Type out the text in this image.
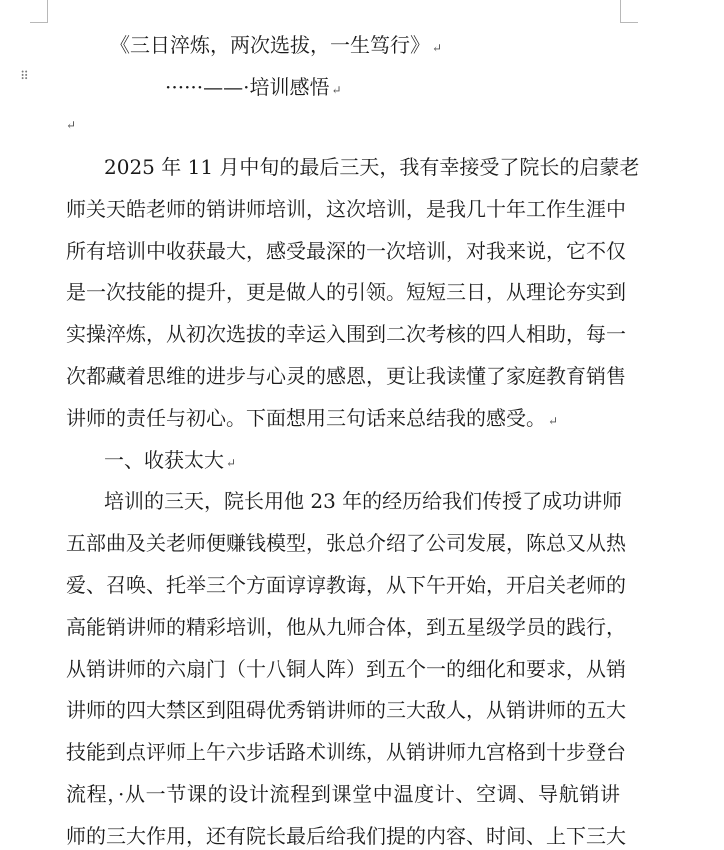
⠿
《三日淬炼，两次选拔，一生笃行》 ↵
······——·培训感悟 ↵
↵
2025 年 11 月中旬的最后三天，我有幸接受了院长的启蒙老
师关天皓老师的销讲师培训，这次培训，是我几十年工作生涯中
所有培训中收获最大，感受最深的一次培训，对我来说，它不仅
是一次技能的提升，更是做人的引领。短短三日，从理论夯实到
实操淬炼，从初次选拔的幸运入围到二次考核的四人相助，每一
次都藏着思维的进步与心灵的感恩，更让我读懂了家庭教育销售
讲师的责任与初心。下面想用三句话来总结我的感受。 ↵
一、收获太大 ↵
培训的三天，院长用他 23 年的经历给我们传授了成功讲师
五部曲及关老师便赚钱模型，张总介绍了公司发展，陈总又从热
爱、召唤、托举三个方面谆谆教诲，从下午开始，开启关老师的
高能销讲师的精彩培训，他从九师合体，到五星级学员的践行，
从销讲师的六扇门（十八铜人阵）到五个一的细化和要求，从销
讲师的四大禁区到阻碍优秀销讲师的三大敌人，从销讲师的五大
技能到点评师上午六步话路术训练，从销讲师九宫格到十步登台
流程，·从一节课的设计流程到课堂中温度计、空调、导航销讲
师的三大作用，还有院长最后给我们提的内容、时间、上下三大
